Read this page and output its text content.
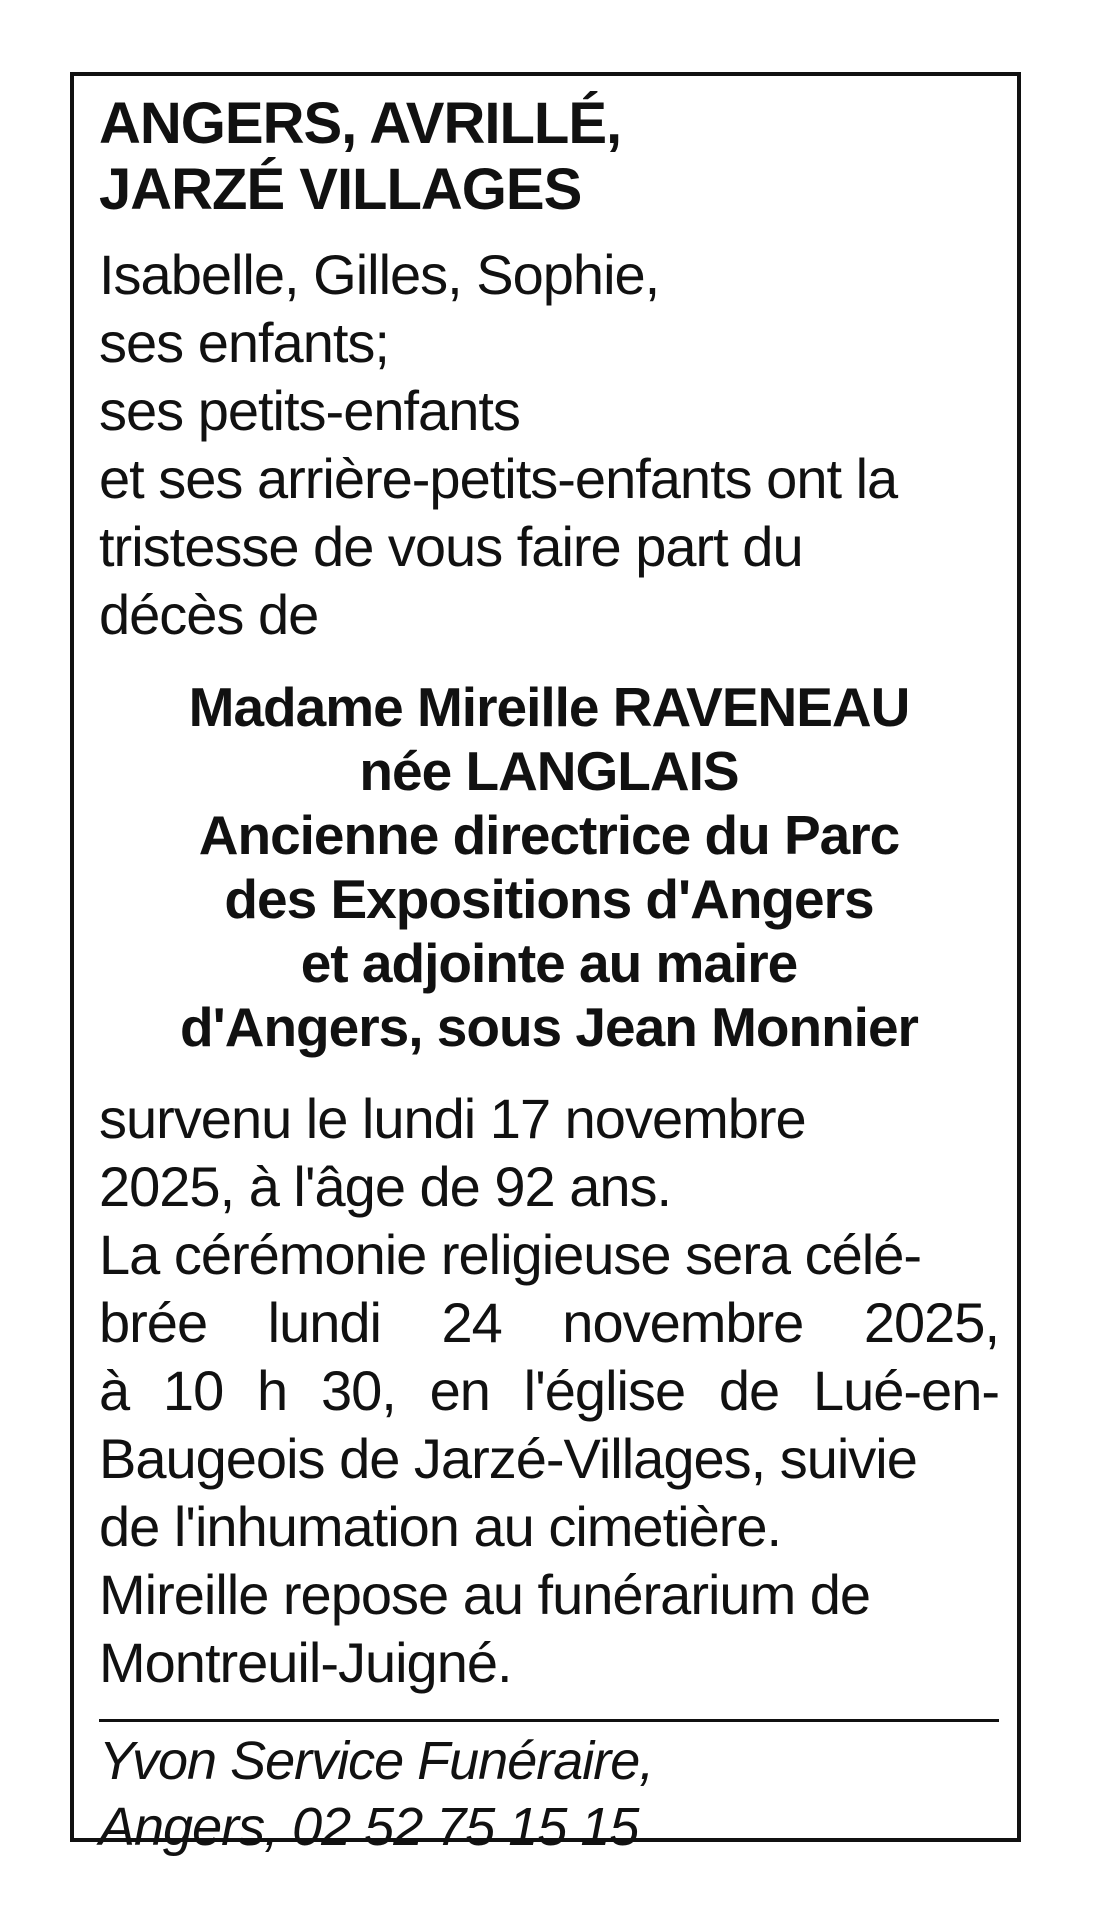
ANGERS, AVRILLÉ,
JARZÉ VILLAGES
Isabelle, Gilles, Sophie,
ses enfants;
ses petits-enfants
et ses arrière-petits-enfants ont la
tristesse de vous faire part du
décès de
Madame Mireille RAVENEAU
née LANGLAIS
Ancienne directrice du Parc
des Expositions d'Angers
et adjointe au maire
d'Angers, sous Jean Monnier
survenu le lundi 17 novembre
2025, à l'âge de 92 ans.
La cérémonie religieuse sera célé-
brée lundi 24 novembre 2025,
à 10 h 30, en l'église de Lué-en-
Baugeois de Jarzé-Villages, suivie
de l'inhumation au cimetière.
Mireille repose au funérarium de
Montreuil-Juigné.
Yvon Service Funéraire,
Angers, 02 52 75 15 15
